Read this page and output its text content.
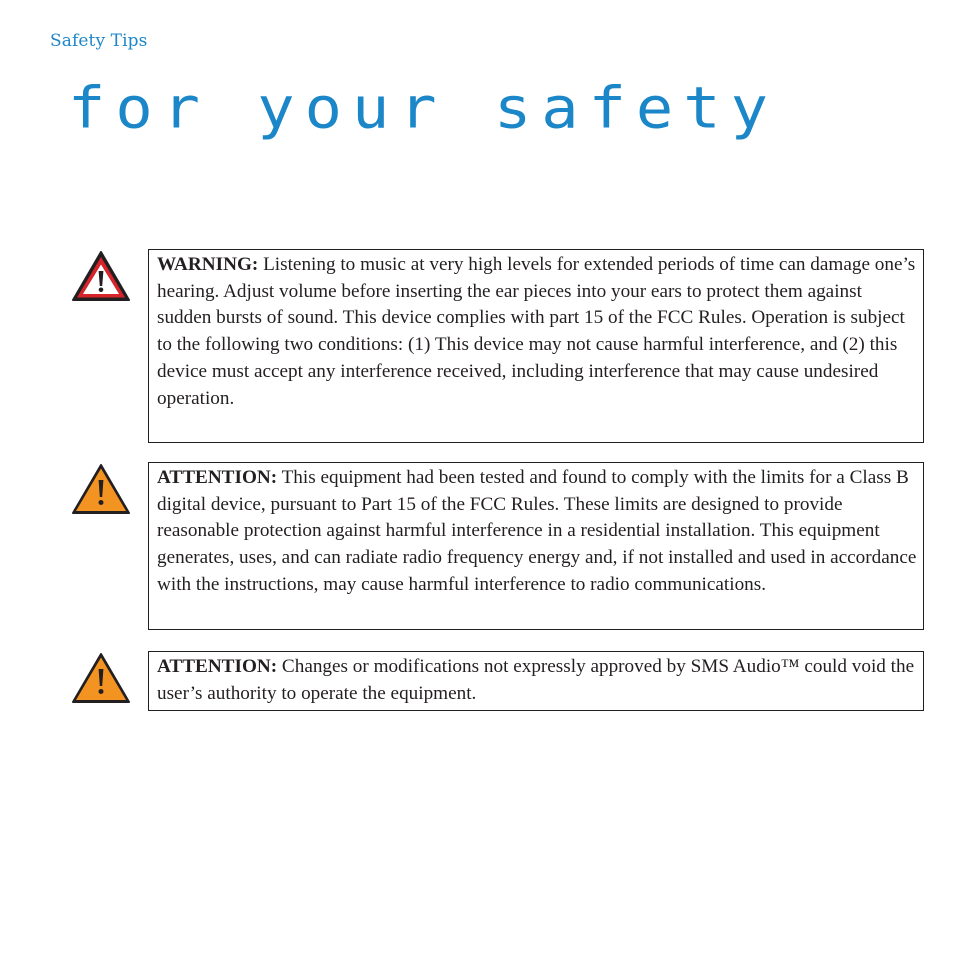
Safety Tips
for your safety
WARNING: Listening to music at very high levels for extended periods of time can damage one’s hearing. Adjust volume before inserting the ear pieces into your ears to protect them against sudden bursts of sound. This device complies with part 15 of the FCC Rules. Operation is subject to the following two conditions: (1) This device may not cause harmful interference, and (2) this device must accept any interference received, including interference that may cause undesired operation.
ATTENTION: This equipment had been tested and found to comply with the limits for a Class B digital device, pursuant to Part 15 of the FCC Rules. These limits are designed to provide reasonable protection against harmful interference in a residential installation. This equipment generates, uses, and can radiate radio frequency energy and, if not installed and used in accordance with the instructions, may cause harmful interference to radio communications.
ATTENTION: Changes or modifications not expressly approved by SMS Audio™ could void the user’s authority to operate the equipment.
